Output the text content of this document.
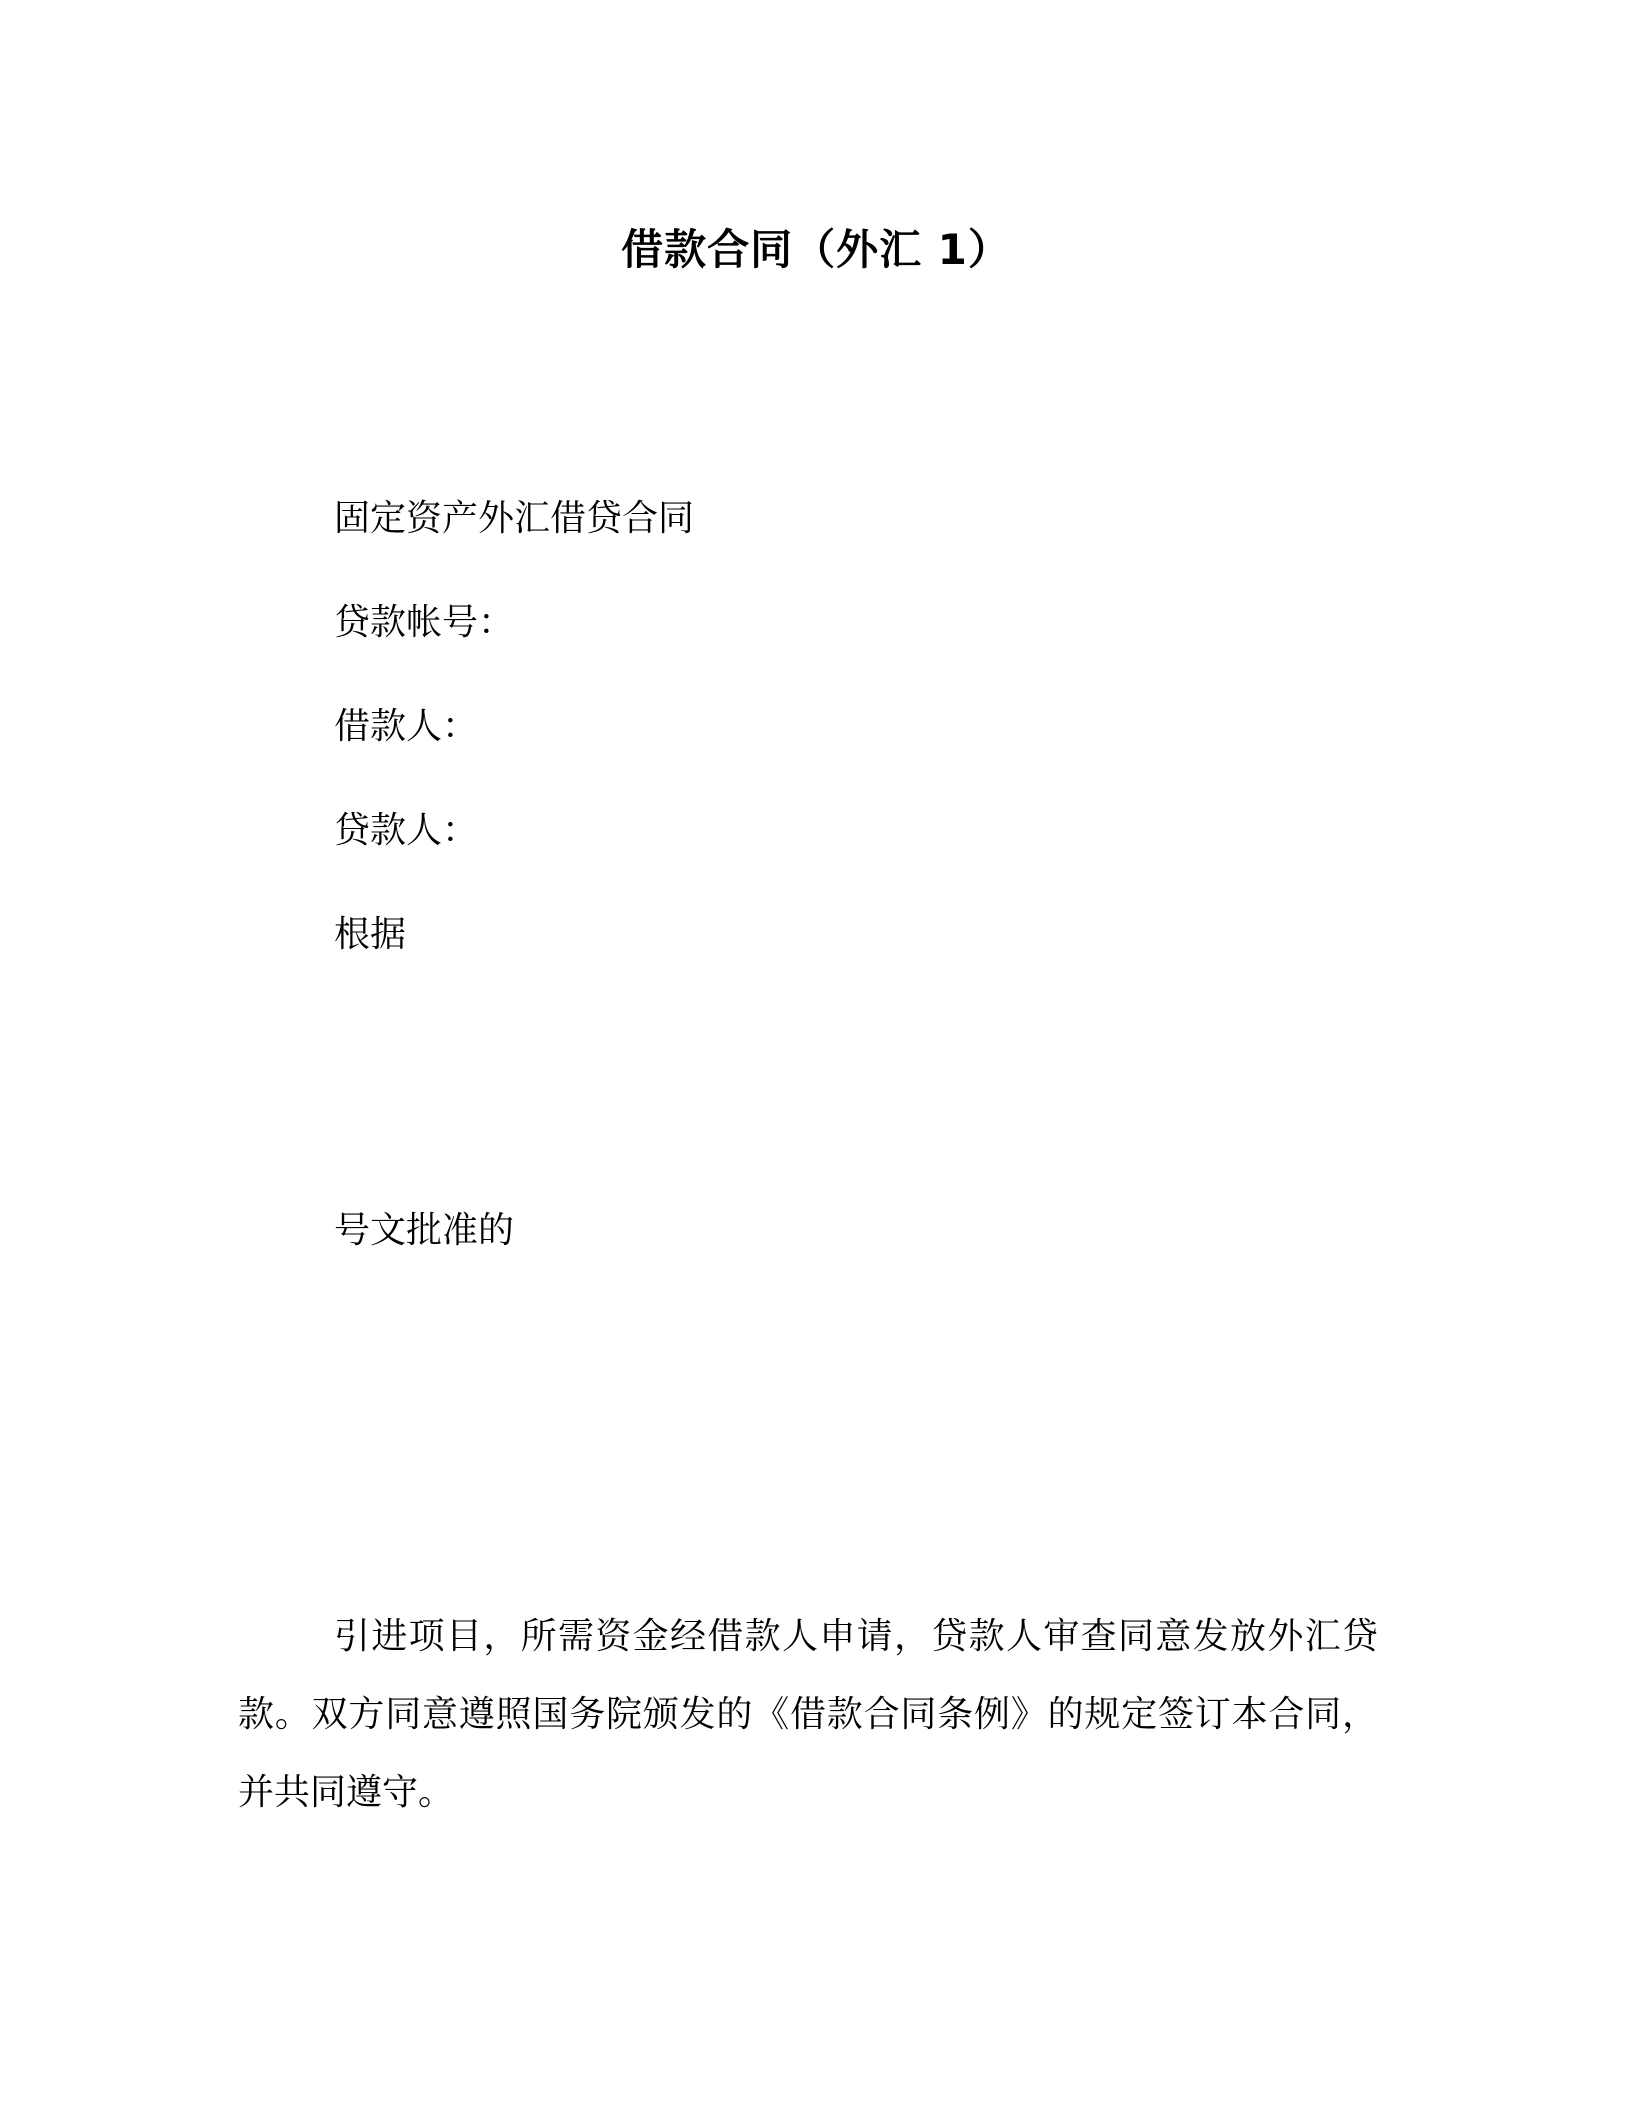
借款合同（外汇 1）
固定资产外汇借贷合同
贷款帐号：
借款人：
贷款人：
根据
号文批准的
引进项目，所需资金经借款人申请，贷款人审查同意发放外汇贷款。双方同意遵照国务院颁发的《借款合同条例》的规定签订本合同，并共同遵守。
